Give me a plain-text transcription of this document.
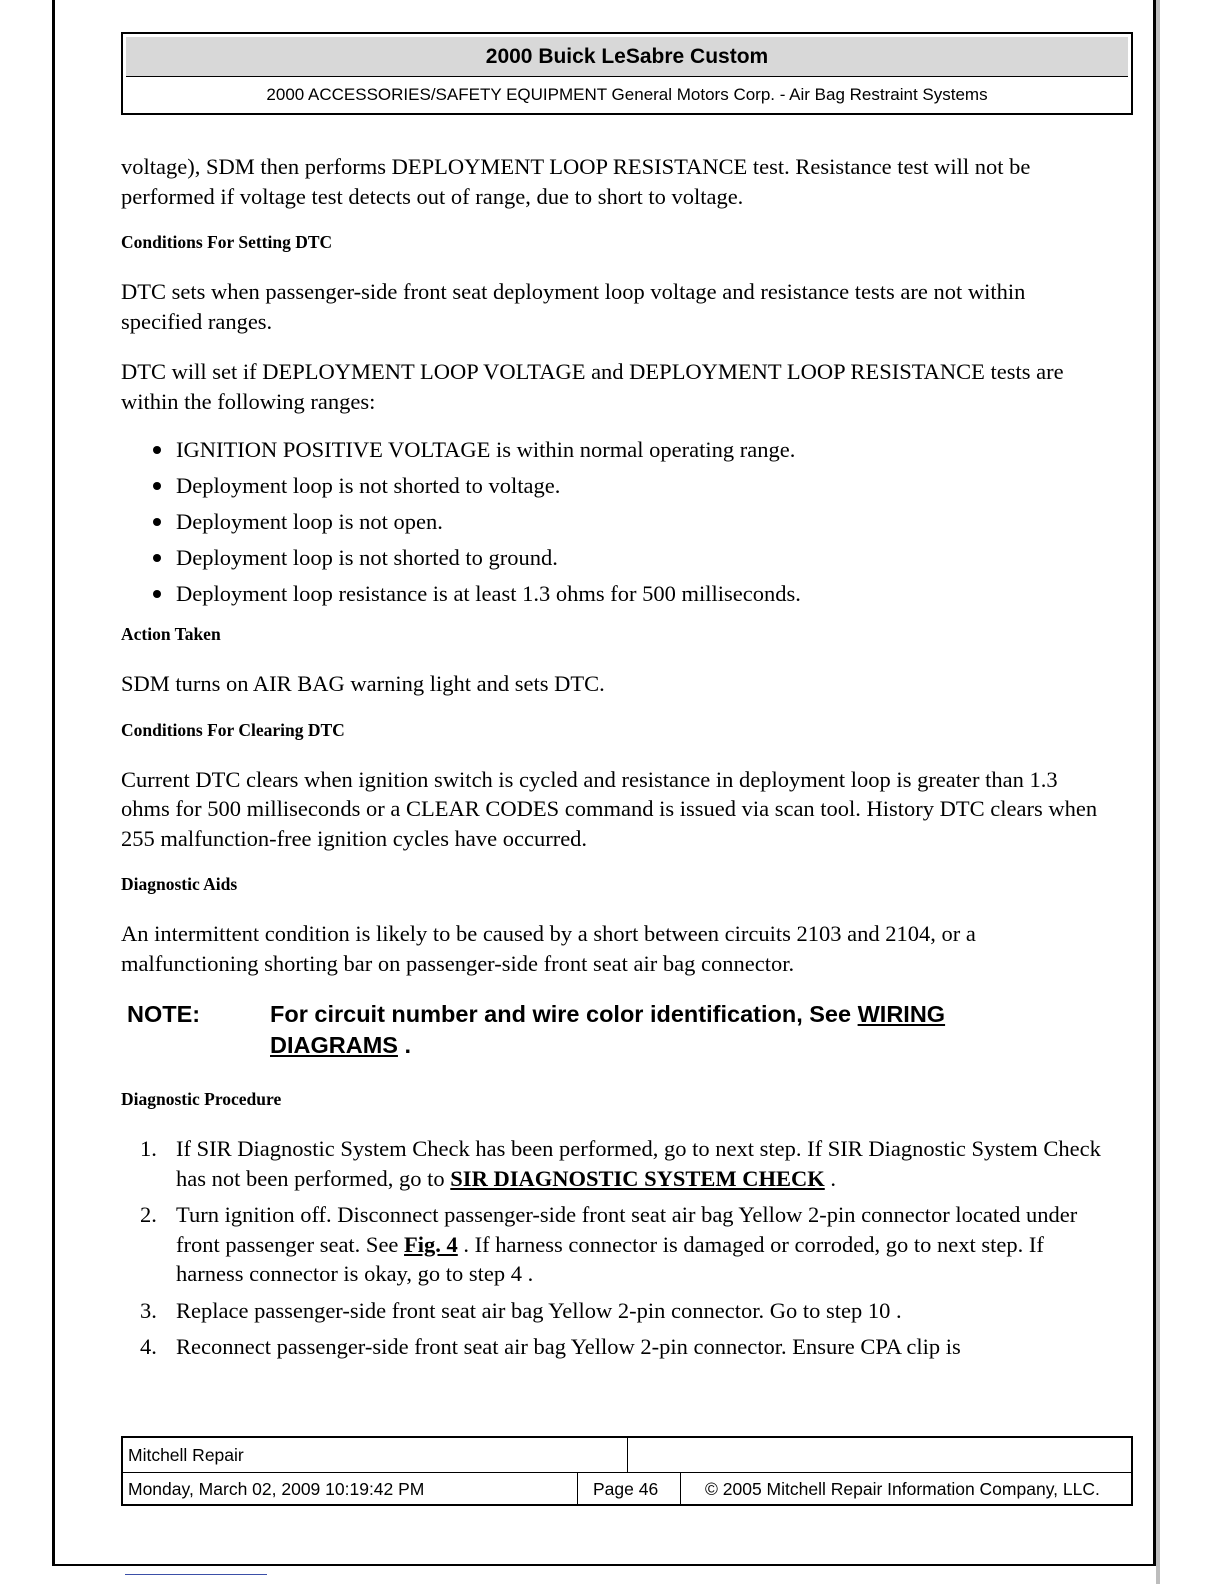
2000 Buick LeSabre Custom
2000 ACCESSORIES/SAFETY EQUIPMENT General Motors Corp. - Air Bag Restraint Systems

voltage), SDM then performs DEPLOYMENT LOOP RESISTANCE test. Resistance test will not be performed if voltage test detects out of range, due to short to voltage.

Conditions For Setting DTC

DTC sets when passenger-side front seat deployment loop voltage and resistance tests are not within specified ranges.

DTC will set if DEPLOYMENT LOOP VOLTAGE and DEPLOYMENT LOOP RESISTANCE tests are within the following ranges:

IGNITION POSITIVE VOLTAGE is within normal operating range.
Deployment loop is not shorted to voltage.
Deployment loop is not open.
Deployment loop is not shorted to ground.
Deployment loop resistance is at least 1.3 ohms for 500 milliseconds.
Action Taken

SDM turns on AIR BAG warning light and sets DTC.

Conditions For Clearing DTC

Current DTC clears when ignition switch is cycled and resistance in deployment loop is greater than 1.3 ohms for 500 milliseconds or a CLEAR CODES command is issued via scan tool. History DTC clears when 255 malfunction-free ignition cycles have occurred.

Diagnostic Aids

An intermittent condition is likely to be caused by a short between circuits 2103 and 2104, or a malfunctioning shorting bar on passenger-side front seat air bag connector.

NOTE:	For circuit number and wire color identification, See WIRING DIAGRAMS .
Diagnostic Procedure
1. If SIR Diagnostic System Check has been performed, go to next step. If SIR Diagnostic System Check has not been performed, go to SIR DIAGNOSTIC SYSTEM CHECK .
2. Turn ignition off. Disconnect passenger-side front seat air bag Yellow 2-pin connector located under front passenger seat. See Fig. 4 . If harness connector is damaged or corroded, go to next step. If harness connector is okay, go to step 4 .
3. Replace passenger-side front seat air bag Yellow 2-pin connector. Go to step 10 .
4. Reconnect passenger-side front seat air bag Yellow 2-pin connector. Ensure CPA clip is
Mitchell Repair
Monday, March 02, 2009 10:19:42 PM	Page 46	© 2005 Mitchell Repair Information Company, LLC.
